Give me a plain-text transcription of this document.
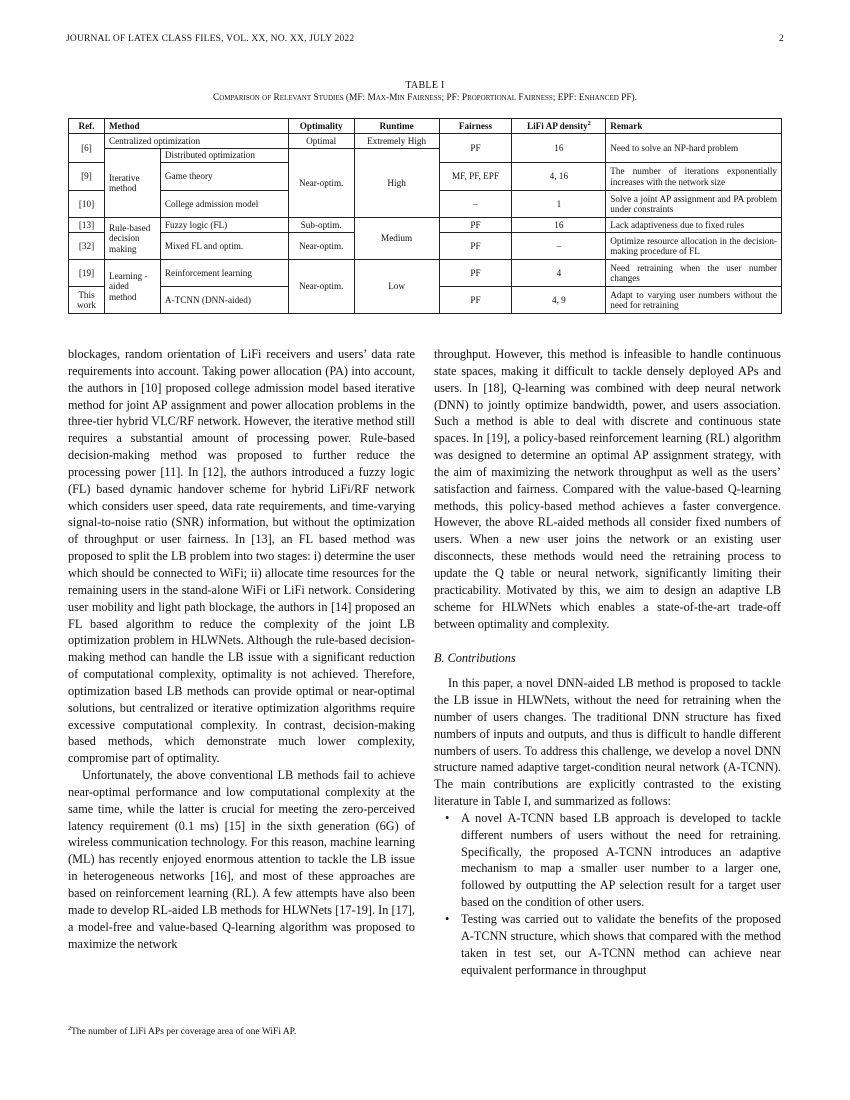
JOURNAL OF LATEX CLASS FILES, VOL. XX, NO. XX, JULY 2022	2
TABLE I
Comparison of Relevant Studies (MF: Max-Min Fairness; PF: Proportional Fairness; EPF: Enhanced PF).
Ref.	Method		Optimality	Runtime	Fairness	LiFi AP density$^2$	Remark
[6]	Centralized optimization		Optimal	Extremely High	PF	16	Need to solve an NP-hard problem
	Iterative method	Distributed optimization	Near-optim.	High			
[9]		Game theory			MF, PF, EPF	4, 16	The number of iterations exponentially increases with the network size

[10]		College admission model			–	1	Solve a joint AP assignment and PA problem under constraints
[13]	Rule-based decision making	Fuzzy logic (FL)	Sub-optim.	Medium	PF	16	Lack adaptiveness due to fixed rules
[32]		Mixed FL and optim.	Near-optim.		PF	–	Optimize resource allocation in the decision-making procedure of FL
[19]	Learning -aided method	Reinforcement learning	Near-optim.	Low	PF	4	Need retraining when the user number changes
This work		A-TCNN (DNN-aided)			PF	4, 9	Adapt to varying user numbers without the need for retraining

blockages, random orientation of LiFi receivers and users’ data rate requirements into account. Taking power allocation (PA) into account, the authors in [10] proposed college admission model based iterative method for joint AP assignment and power allocation problems in the three-tier hybrid VLC/RF network. However, the iterative method still requires a substantial amount of processing power. Rule-based decision-making method was proposed to further reduce the processing power [11]. In [12], the authors introduced a fuzzy logic (FL) based dynamic handover scheme for hybrid LiFi/RF network which considers user speed, data rate requirements, and time-varying signal-to-noise ratio (SNR) information, but without the optimization of throughput or user fairness. In [13], an FL based method was proposed to split the LB problem into two stages: i) determine the user which should be connected to WiFi; ii) allocate time resources for the remaining users in the stand-alone WiFi or LiFi network. Considering user mobility and light path blockage, the authors in [14] proposed an FL based algorithm to reduce the complexity of the joint LB optimization problem in HLWNets. Although the rule-based decision-making method can handle the LB issue with a significant reduction of computational complexity, optimality is not achieved. Therefore, optimization based LB methods can provide optimal or near-optimal solutions, but centralized or iterative optimization algorithms require excessive computational complexity. In contrast, decision-making based methods, which demonstrate much lower complexity, compromise part of optimality.

Unfortunately, the above conventional LB methods fail to achieve near-optimal performance and low computational complexity at the same time, while the latter is crucial for meeting the zero-perceived latency requirement (0.1 ms) [15] in the sixth generation (6G) of wireless communication technology. For this reason, machine learning (ML) has recently enjoyed enormous attention to tackle the LB issue in heterogeneous networks [16], and most of these approaches are based on reinforcement learning (RL). A few attempts have also been made to develop RL-aided LB methods for HLWNets [17-19]. In [17], a model-free and value-based Q-learning algorithm was proposed to maximize the network

throughput. However, this method is infeasible to handle continuous state spaces, making it difficult to tackle densely deployed APs and users. In [18], Q-learning was combined with deep neural network (DNN) to jointly optimize bandwidth, power, and users association. Such a method is able to deal with discrete and continuous state spaces. In [19], a policy-based reinforcement learning (RL) algorithm was designed to determine an optimal AP assignment strategy, with the aim of maximizing the network throughput as well as the users’ satisfaction and fairness. Compared with the value-based Q-learning methods, this policy-based method achieves a faster convergence. However, the above RL-aided methods all consider fixed numbers of users. When a new user joins the network or an existing user disconnects, these methods would need the retraining process to update the Q table or neural network, significantly limiting their practicability. Motivated by this, we aim to design an adaptive LB scheme for HLWNets which enables a state-of-the-art trade-off between optimality and complexity.

B. Contributions

In this paper, a novel DNN-aided LB method is proposed to tackle the LB issue in HLWNets, without the need for retraining when the number of users changes. The traditional DNN structure has fixed numbers of inputs and outputs, and thus is difficult to handle different numbers of users. To address this challenge, we develop a novel DNN structure named adaptive target-condition neural network (A-TCNN). The main contributions are explicitly contrasted to the existing literature in Table I, and summarized as follows:

• A novel A-TCNN based LB approach is developed to tackle different numbers of users without the need for retraining. Specifically, the proposed A-TCNN introduces an adaptive mechanism to map a smaller user number to a larger one, followed by outputting the AP selection result for a target user based on the condition of other users.
• Testing was carried out to validate the benefits of the proposed A-TCNN structure, which shows that compared with the method taken in test set, our A-TCNN method can achieve near equivalent performance in throughput
$^2$The number of LiFi APs per coverage area of one WiFi AP.
